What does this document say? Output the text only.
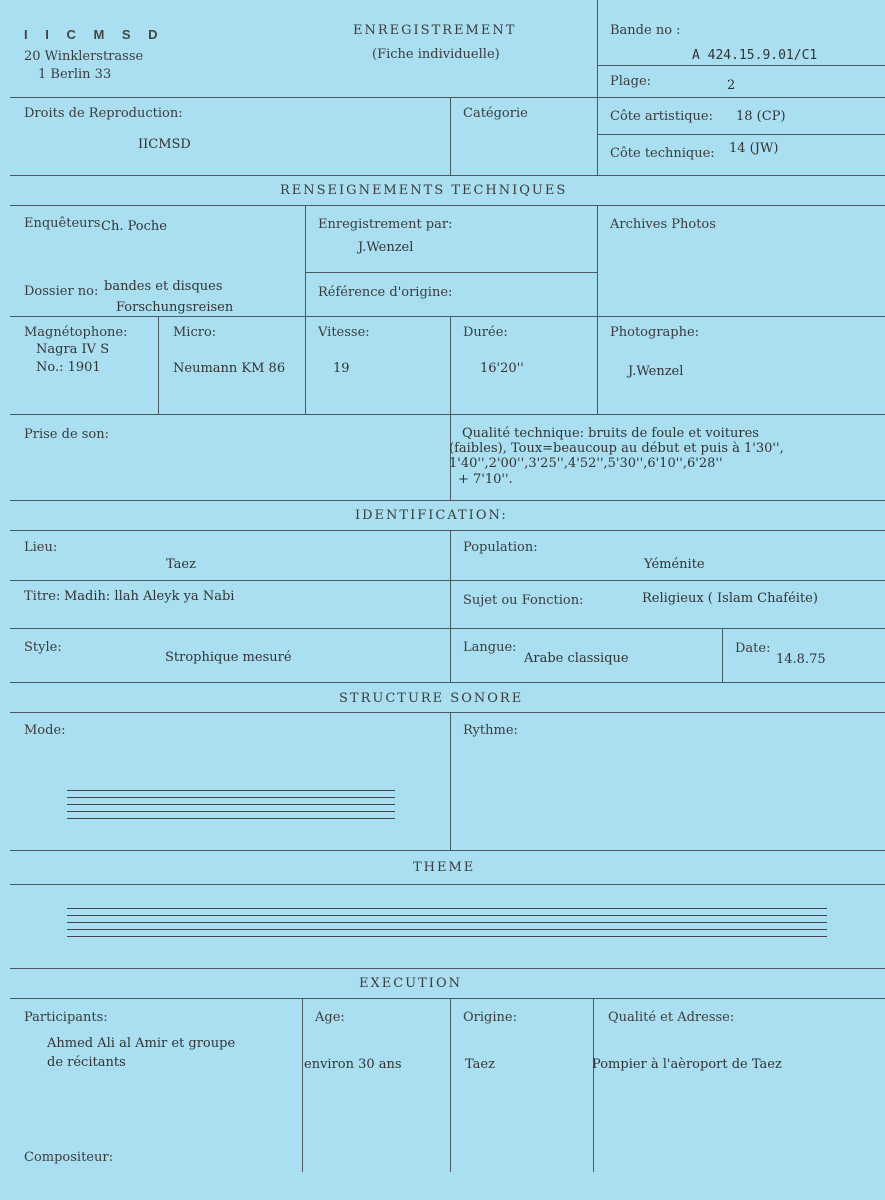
I I C M S D
20 Winklerstrasse
1 Berlin 33
ENREGISTREMENT
(Fiche individuelle)
Bande no :
A 424.15.9.01/C1
Plage:	2
Droits de Reproduction:
IICMSD
Catégorie	Côte artistique: 18 (CP)
Côte technique: 14 (JW)
RENSEIGNEMENTS TECHNIQUES
Enquêteurs Ch. Poche	Enregistrement par:
J.Wenzel
Archives Photos
Dossier no: bandes et disques
Forschungsreisen
Référence d'origine:
Magnétophone:
Nagra IV S
No.: 1901
Micro:
Neumann KM 86
Vitesse:
19
Durée:
16'20''
Photographe:
J.Wenzel
Prise de son:	Qualité technique: bruits de foule et voitures
(faibles), Toux=beaucoup au début et puis à 1'30'',
1'40'',2'00'',3'25'',4'52'',5'30'',6'10'',6'28''
+ 7'10''.
IDENTIFICATION:
Lieu:
Taez
Population:
Yéménite
Titre: Madih: llah Aleyk ya Nabi	Sujet ou Fonction:	Religieux ( Islam Chaféite)
Style:
Strophique mesuré
Langue:
Arabe classique
Date:
14.8.75
STRUCTURE SONORE
Mode:	Rythme:
THEME
EXECUTION
Participants:
Ahmed Ali al Amir et groupe
de récitants
Age:
environ 30 ans
Origine:
Taez
Qualité et Adresse:
Pompier à l'aèroport de Taez
Compositeur:
